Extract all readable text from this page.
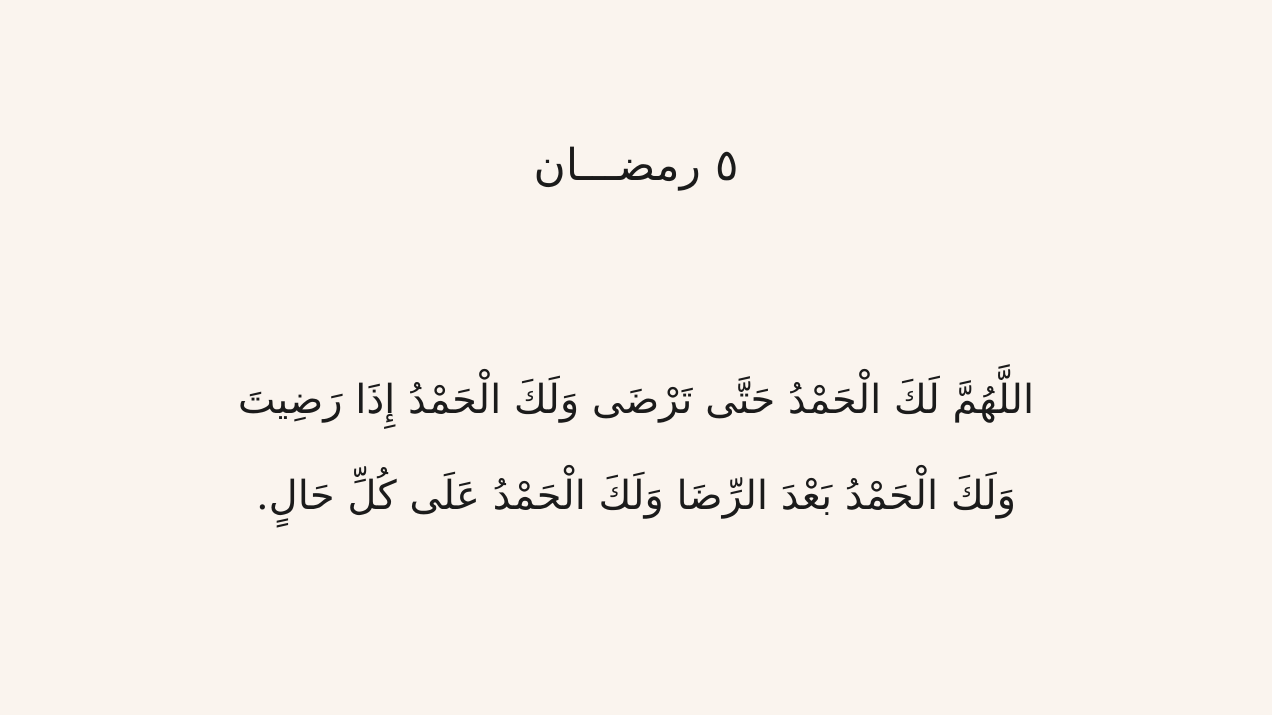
٥ رمضـــان
اللَّهُمَّ لَكَ الْحَمْدُ حَتَّى تَرْضَى وَلَكَ الْحَمْدُ إِذَا رَضِيتَ
وَلَكَ الْحَمْدُ بَعْدَ الرِّضَا وَلَكَ الْحَمْدُ عَلَى كُلِّ حَالٍ.
